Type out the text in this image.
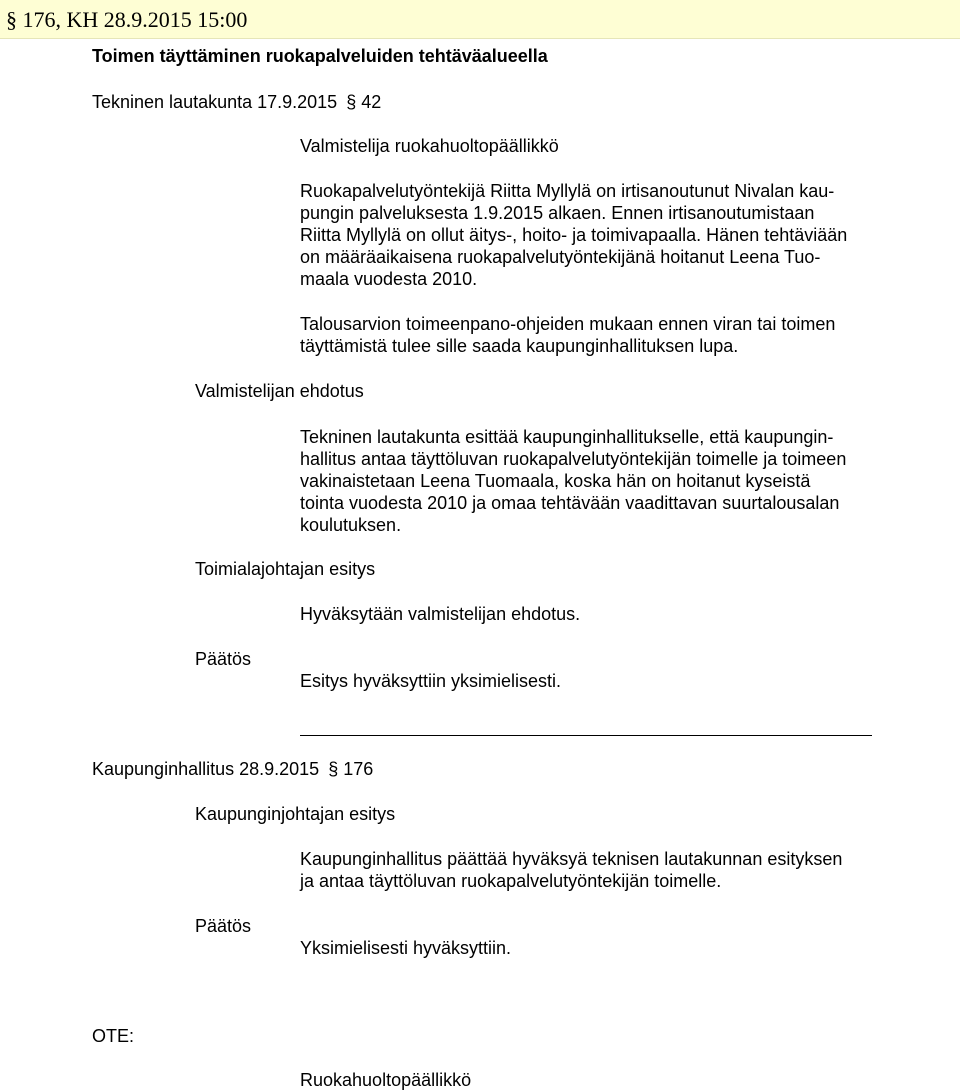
§ 176, KH 28.9.2015 15:00
Toimen täyttäminen ruokapalveluiden tehtäväalueella
Tekninen lautakunta 17.9.2015 § 42
Valmistelija ruokahuoltopäällikkö

Ruokapalvelutyöntekijä Riitta Myllylä on irtisanoutunut Nivalan kau-

pungin palveluksesta 1.9.2015 alkaen. Ennen irtisanoutumistaan

Riitta Myllylä on ollut äitys-, hoito- ja toimivapaalla. Hänen tehtäviään

on määräaikaisena ruokapalvelutyöntekijänä hoitanut Leena Tuo-

maala vuodesta 2010.

Talousarvion toimeenpano-ohjeiden mukaan ennen viran tai toimen

täyttämistä tulee sille saada kaupunginhallituksen lupa.

Valmistelijan ehdotus

Tekninen lautakunta esittää kaupunginhallitukselle, että kaupungin-

hallitus antaa täyttöluvan ruokapalvelutyöntekijän toimelle ja toimeen

vakinaistetaan Leena Tuomaala, koska hän on hoitanut kyseistä

tointa vuodesta 2010 ja omaa tehtävään vaadittavan suurtalousalan

koulutuksen.

Toimialajohtajan esitys
Hyväksytään valmistelijan ehdotus.
Päätös
Esitys hyväksyttiin yksimielisesti.
Kaupunginhallitus 28.9.2015 § 176
Kaupunginjohtajan esitys

Kaupunginhallitus päättää hyväksyä teknisen lautakunnan esityksen

ja antaa täyttöluvan ruokapalvelutyöntekijän toimelle.

Päätös
Yksimielisesti hyväksyttiin.
OTE:
Ruokahuoltopäällikkö
